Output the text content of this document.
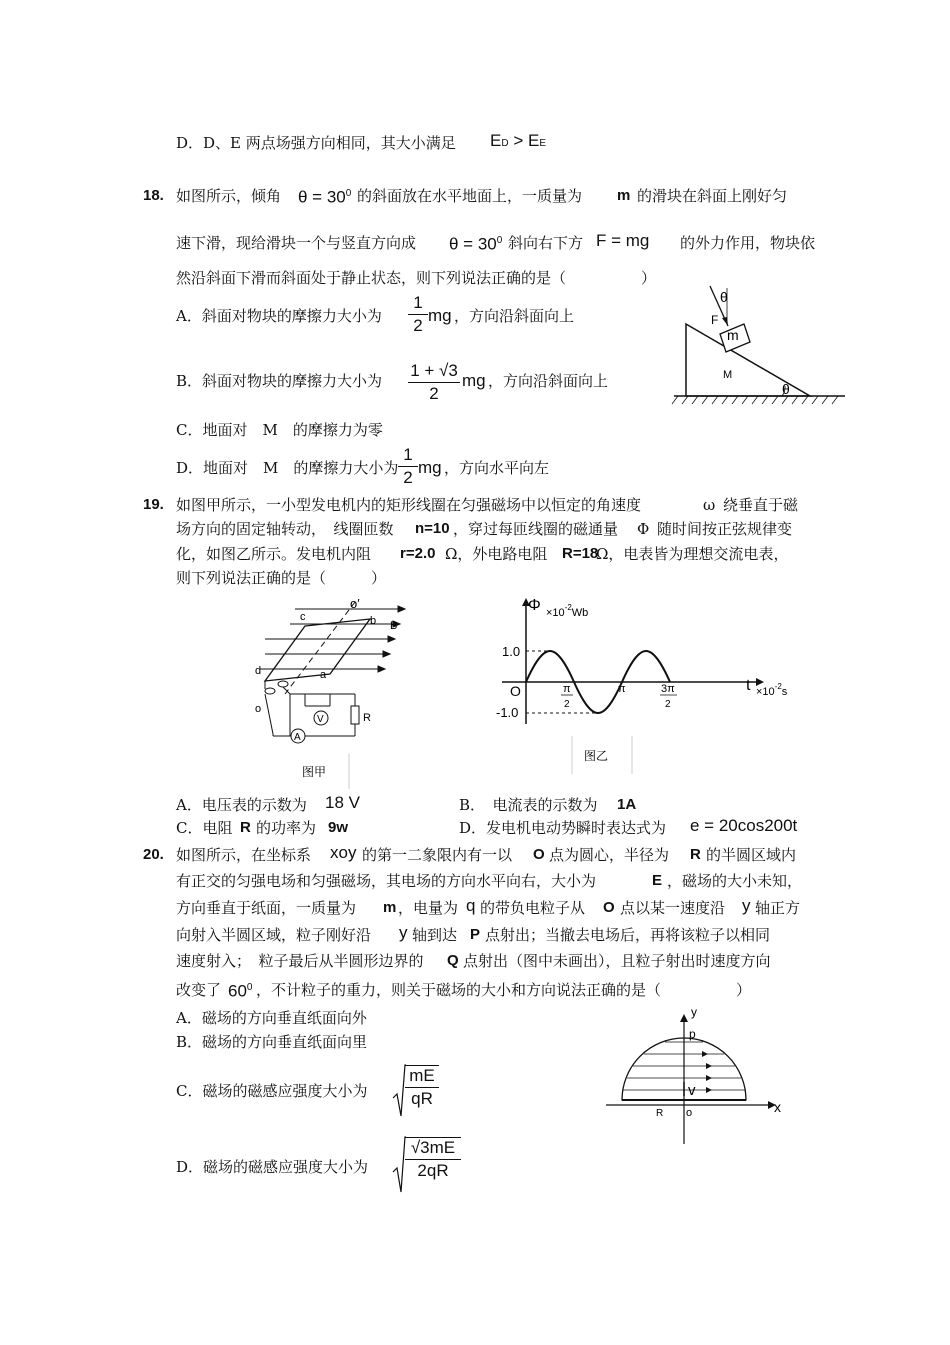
D．D、E 两点场强方向相同，其大小满足 ED > EE
18. 如图所示，倾角 $\theta = 30^0$ 的斜面放在水平地面上，一质量为 m 的滑块在斜面上刚好匀
速下滑，现给滑块一个与竖直方向成 $\theta = 30^0$ 斜向右下方 F = mg 的外力作用，物块依
然沿斜面下滑而斜面处于静止状态，则下列说法正确的是（　　　　　）
A．斜面对物块的摩擦力大小为
1
2
mg ，方向沿斜面向上
B．斜面对物块的摩擦力大小为
1 + √3
2
mg ，方向沿斜面向上
C．地面对　M　的摩擦力为零
D．地面对　M　的摩擦力大小为
1
2
mg ，方向水平向左
θ
F
m
M
θ
19. 如图甲所示，一小型发电机内的矩形线圈在匀强磁场中以恒定的角速度	ω 绕垂直于磁
场方向的固定轴转动，　线圈匝数 n=10 ，穿过每匝线圈的磁通量 Φ 随时间按正弦规律变
化，如图乙所示。发电机内阻 r=2.0 Ω，外电路电阻 R=18
Ω，电表皆为理想交流电表，
则下列说法正确的是（　　　）
o′
c	b B
d	a
o
V	R
A
图甲
$\Phi \times 10^{-2}Wb$
1.0
-1.0
O	π
2
π	3π
2
$t \times 10^{-2}s$
图乙
A．电压表的示数为 18 V	B．　电流表的示数为 1A
C．电阻 R 的功率为 9w	D．发电机电动势瞬时表达式为 e = 20cos200t
20. 如图所示，在坐标系 xoy 的第一二象限内有一以 O 点为圆心，半径为 R 的半圆区域内
有正交的匀强电场和匀强磁场，其电场的方向水平向右，大小为	E ，磁场的大小未知，
方向垂直于纸面，一质量为 m ，电量为 q 的带负电粒子从 O 点以某一速度沿 y 轴正方
向射入半圆区域，粒子刚好沿 y 轴到达 P 点射出；当撤去电场后，再将该粒子以相同
速度射入；　粒子最后从半圆形边界的 Q 点射出（图中未画出），且粒子射出时速度方向
改变了 $60^0$ ，不计粒子的重力，则关于磁场的大小和方向说法正确的是（　　　　　）
A．磁场的方向垂直纸面向外
B．磁场的方向垂直纸面向里
C．磁场的磁感应强度大小为
mE
qR
D．磁场的磁感应强度大小为
√3mE
2qR
y
p
v
R o	x
